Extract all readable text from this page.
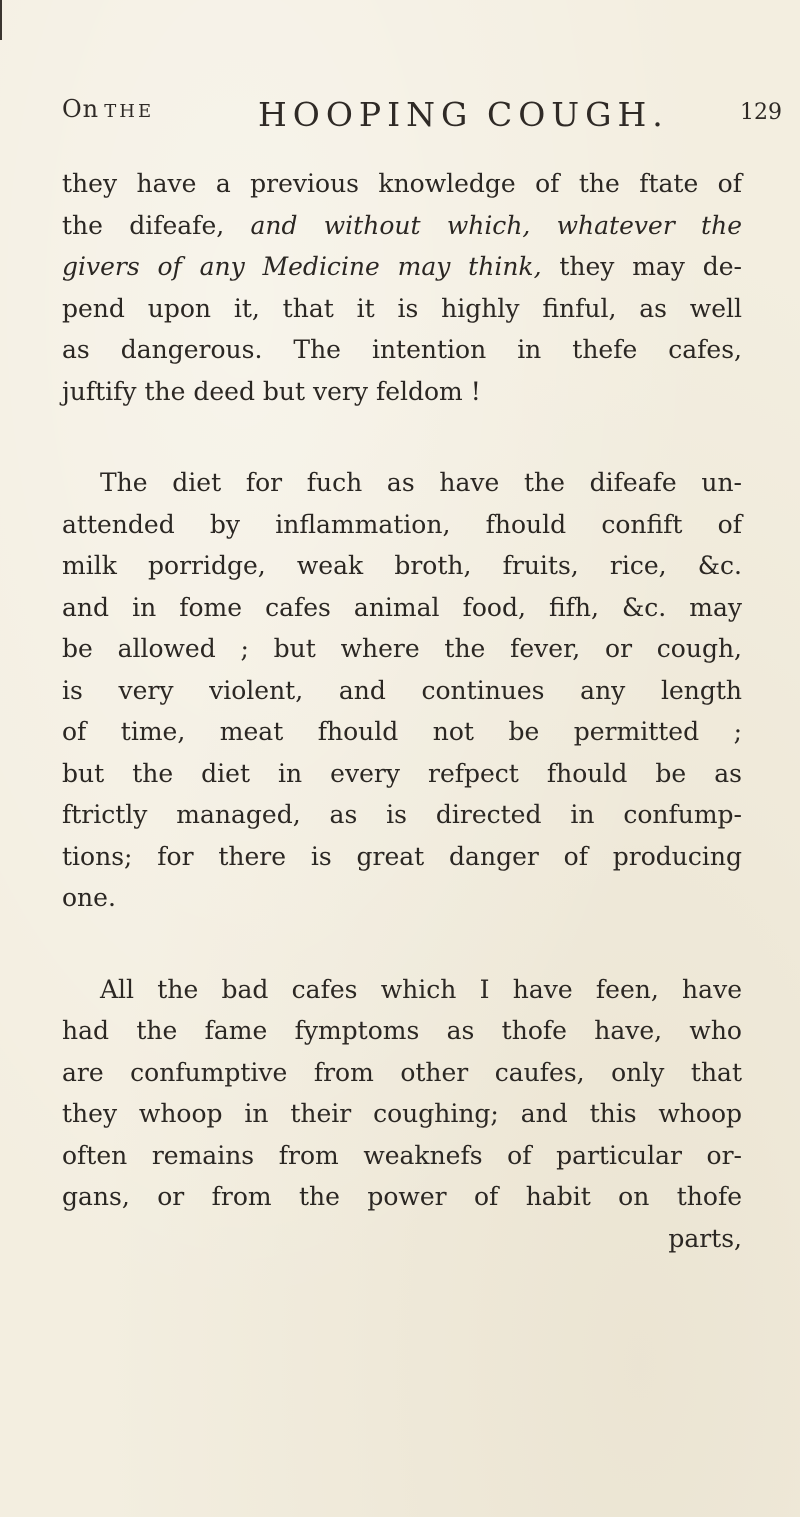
On THE	HOOPING COUGH.	129
they have a previous knowledge of the ftate of
the difeafe, and without which, whatever the
givers of any Medicine may think, they may de-
pend upon it, that it is highly finful, as well
as dangerous. The intention in thefe cafes,
juftify the deed but very feldom !
The diet for fuch as have the difeafe un-
attended by inflammation, fhould confift of
milk porridge, weak broth, fruits, rice, &c.
and in fome cafes animal food, fifh, &c. may
be allowed ; but where the fever, or cough,
is very violent, and continues any length
of time, meat fhould not be permitted ;
but the diet in every refpect fhould be as
ftrictly managed, as is directed in confump-
tions; for there is great danger of producing
one.
All the bad cafes which I have feen, have
had the fame fymptoms as thofe have, who
are confumptive from other caufes, only that
they whoop in their coughing; and this whoop
often remains from weaknefs of particular or-
gans, or from the power of habit on thofe
parts,
